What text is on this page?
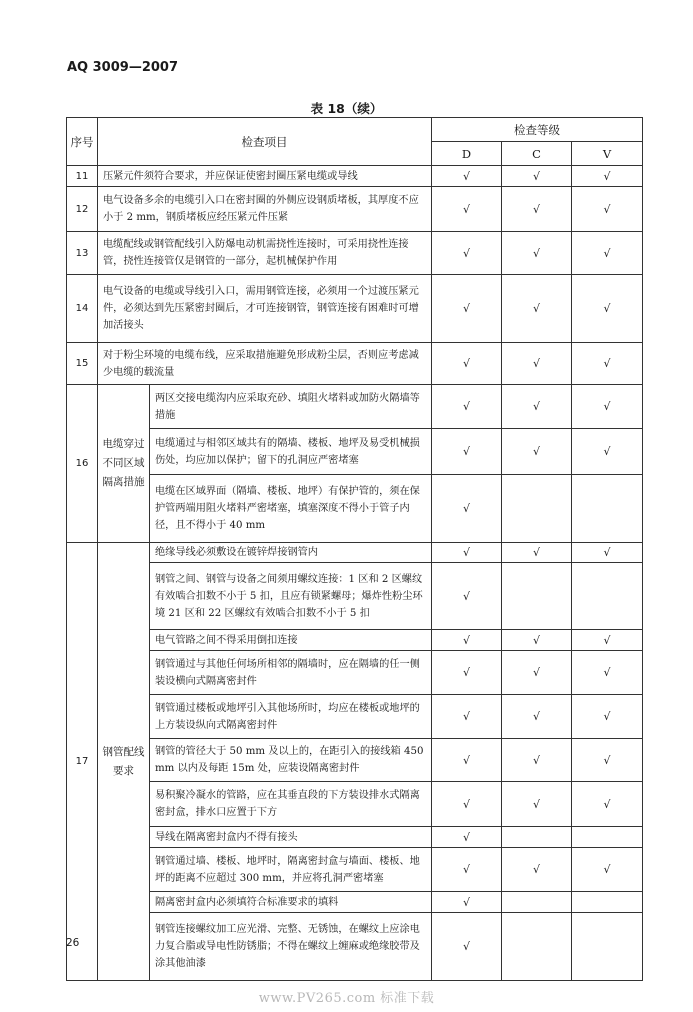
AQ 3009—2007
表 18（续）
序号	检查项目		检查等级		
			D	C	V
11	压紧元件须符合要求，并应保证使密封圈压紧电缆或导线		√	√	√
12	电气设备多余的电缆引入口在密封圈的外侧应设钢质堵板，其厚度不应小于 2 mm，钢质堵板应经压紧元件压紧		√	√	√
13	电缆配线或钢管配线引入防爆电动机需挠性连接时，可采用挠性连接管，挠性连接管仅是钢管的一部分，起机械保护作用		√	√	√
14	电气设备的电缆或导线引入口，需用钢管连接，必须用一个过渡压紧元件，必须达到先压紧密封圈后，才可连接钢管，钢管连接有困难时可增加活接头		√	√	√
15	对于粉尘环境的电缆布线，应采取措施避免形成粉尘层，否则应考虑减少电缆的载流量		√	√	√
16	电缆穿过不同区域隔离措施	两区交接电缆沟内应采取充砂、填阻火堵料或加防火隔墙等措施	√	√	√
		电缆通过与相邻区域共有的隔墙、楼板、地坪及易受机械损伤处，均应加以保护；留下的孔洞应严密堵塞	√	√	√
		电缆在区域界面（隔墙、楼板、地坪）有保护管的，须在保护管两端用阻火堵料严密堵塞，填塞深度不得小于管子内径，且不得小于 40 mm	√		
17	钢管配线要求	绝缘导线必须敷设在镀锌焊接钢管内	√	√	√
		钢管之间、钢管与设备之间须用螺纹连接：1 区和 2 区螺纹有效啮合扣数不小于 5 扣，且应有锁紧螺母；爆炸性粉尘环境 21 区和 22 区螺纹有效啮合扣数不小于 5 扣	√		
		电气管路之间不得采用倒扣连接	√	√	√
		钢管通过与其他任何场所相邻的隔墙时，应在隔墙的任一侧装设横向式隔离密封件	√	√	√
		钢管通过楼板或地坪引入其他场所时，均应在楼板或地坪的上方装设纵向式隔离密封件	√	√	√
		钢管的管径大于 50 mm 及以上的，在距引入的接线箱 450 mm 以内及每距 15m 处，应装设隔离密封件	√	√	√
		易积聚冷凝水的管路，应在其垂直段的下方装设排水式隔离密封盒，排水口应置于下方	√	√	√
		导线在隔离密封盒内不得有接头	√		
		钢管通过墙、楼板、地坪时，隔离密封盒与墙面、楼板、地坪的距离不应超过 300 mm，并应将孔洞严密堵塞	√	√	√
		隔离密封盒内必须填符合标准要求的填料	√		
		钢管连接螺纹加工应光滑、完整、无锈蚀，在螺纹上应涂电力复合脂或导电性防锈脂；不得在螺纹上缠麻或绝缘胶带及涂其他油漆	√		
26
www.PV265.com 标准下载
